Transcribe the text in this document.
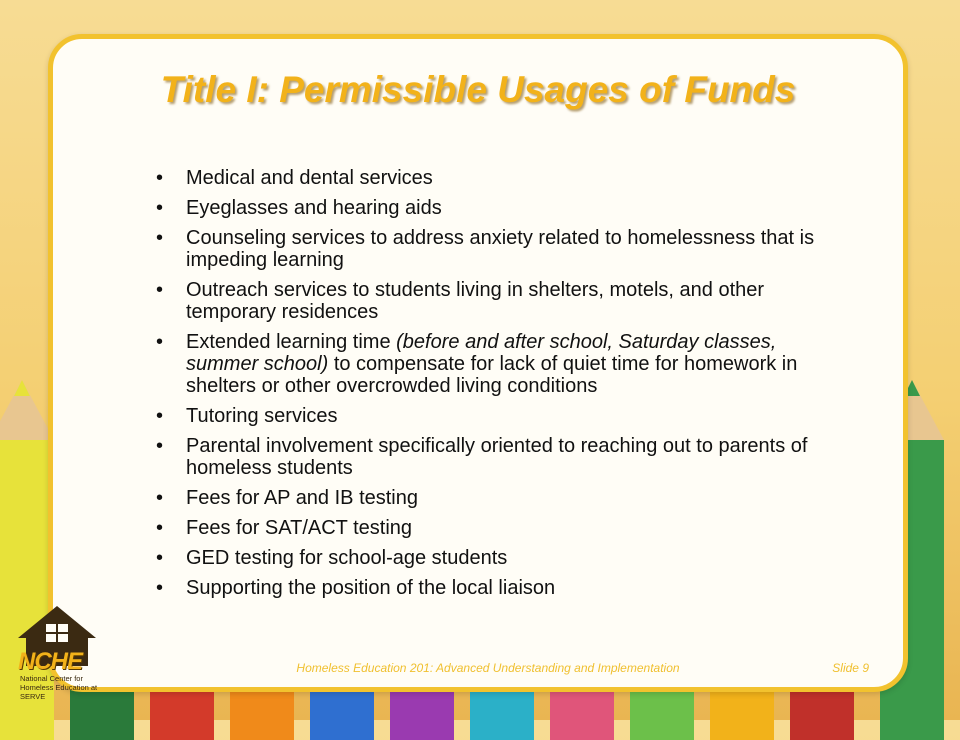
Title I: Permissible Usages of Funds
• Medical and dental services
• Eyeglasses and hearing aids
• Counseling services to address anxiety related to homelessness that is impeding learning
• Outreach services to students living in shelters, motels, and other temporary residences
• Extended learning time (before and after school, Saturday classes, summer school) to compensate for lack of quiet time for homework in shelters or other overcrowded living conditions
• Tutoring services
• Parental involvement specifically oriented to reaching out to parents of homeless students
• Fees for AP and IB testing
• Fees for SAT/ACT testing
• GED testing for school-age students
• Supporting the position of the local liaison
Homeless Education 201: Advanced Understanding and Implementation	Slide 9
NCHE
National Center for Homeless Education at SERVE
